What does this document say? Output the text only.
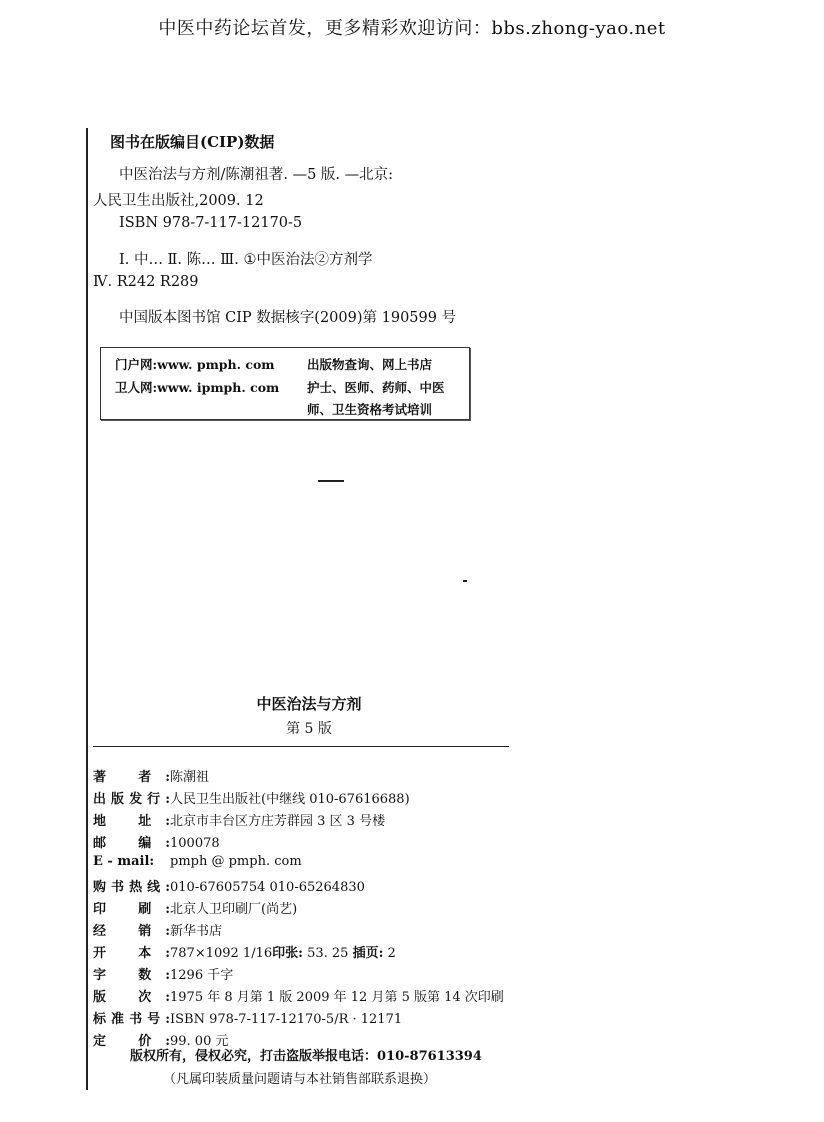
中医中药论坛首发，更多精彩欢迎访问：bbs.zhong-yao.net
图书在版编目(CIP)数据
中医治法与方剂/陈潮祖著. —5 版. —北京:
人民卫生出版社,2009. 12
ISBN 978-7-117-12170-5
Ⅰ. 中… Ⅱ. 陈… Ⅲ. ①中医治法②方剂学
Ⅳ. R242 R289
中国版本图书馆 CIP 数据核字(2009)第 190599 号
门户网:www. pmph. com	出版物查询、网上书店
卫人网:www. ipmph. com 护士、医师、药师、中医
师、卫生资格考试培训
中医治法与方剂
第 5 版
著 者:陈潮祖
出版发行:人民卫生出版社(中继线 010-67616688)
地 址:北京市丰台区方庄芳群园 3 区 3 号楼
邮 编:100078
E - mail: pmph @ pmph. com
购书热线:010-67605754 010-65264830
印 刷:北京人卫印刷厂(尚艺)
经 销:新华书店
开 本:787×1092 1/16印张: 53. 25 插页: 2
字 数:1296 千字
版 次:1975 年 8 月第 1 版 2009 年 12 月第 5 版第 14 次印刷
标准书号:ISBN 978-7-117-12170-5/R · 12171
定 价:99. 00 元
版权所有，侵权必究，打击盗版举报电话：010-87613394
（凡属印装质量问题请与本社销售部联系退换）
